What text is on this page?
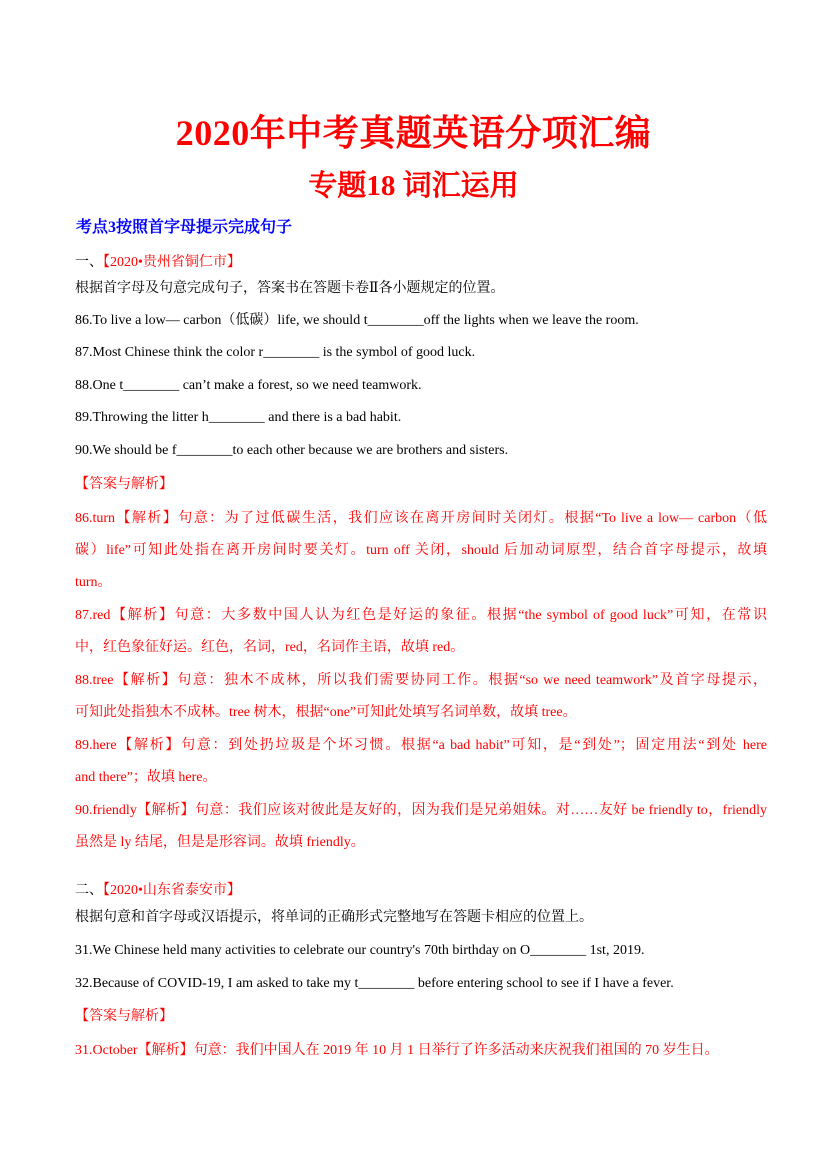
2020年中考真题英语分项汇编
专题18 词汇运用
考点3按照首字母提示完成句子
一、【2020•贵州省铜仁市】
根据首字母及句意完成句子，答案书在答题卡卷Ⅱ各小题规定的位置。
86.To live a low— carbon（低碳）life, we should t________off the lights when we leave the room.
87.Most Chinese think the color r________ is the symbol of good luck.
88.One t________ can’t make a forest, so we need teamwork.
89.Throwing the litter h________ and there is a bad habit.
90.We should be f________to each other because we are brothers and sisters.
【答案与解析】
86.turn【解析】句意：为了过低碳生活，我们应该在离开房间时关闭灯。根据“To live a low— carbon（低
碳）life”可知此处指在离开房间时要关灯。turn off 关闭，should 后加动词原型，结合首字母提示，故填
turn。
87.red【解析】句意：大多数中国人认为红色是好运的象征。根据“the symbol of good luck”可知，在常识
中，红色象征好运。红色，名词，red，名词作主语，故填 red。
88.tree【解析】句意：独木不成林，所以我们需要协同工作。根据“so we need teamwork”及首字母提示，
可知此处指独木不成林。tree 树木，根据“one”可知此处填写名词单数，故填 tree。
89.here【解析】句意：到处扔垃圾是个坏习惯。根据“a bad habit”可知，是“到处”；固定用法“到处 here
and there”；故填 here。
90.friendly【解析】句意：我们应该对彼此是友好的，因为我们是兄弟姐妹。对……友好 be friendly to，friendly
虽然是 ly 结尾，但是是形容词。故填 friendly。
二、【2020•山东省泰安市】
根据句意和首字母或汉语提示，将单词的正确形式完整地写在答题卡相应的位置上。
31.We Chinese held many activities to celebrate our country's 70th birthday on O________ 1st, 2019.
32.Because of COVID-19, I am asked to take my t________ before entering school to see if I have a fever.
【答案与解析】
31.October【解析】句意：我们中国人在 2019 年 10 月 1 日举行了许多活动来庆祝我们祖国的 70 岁生日。
